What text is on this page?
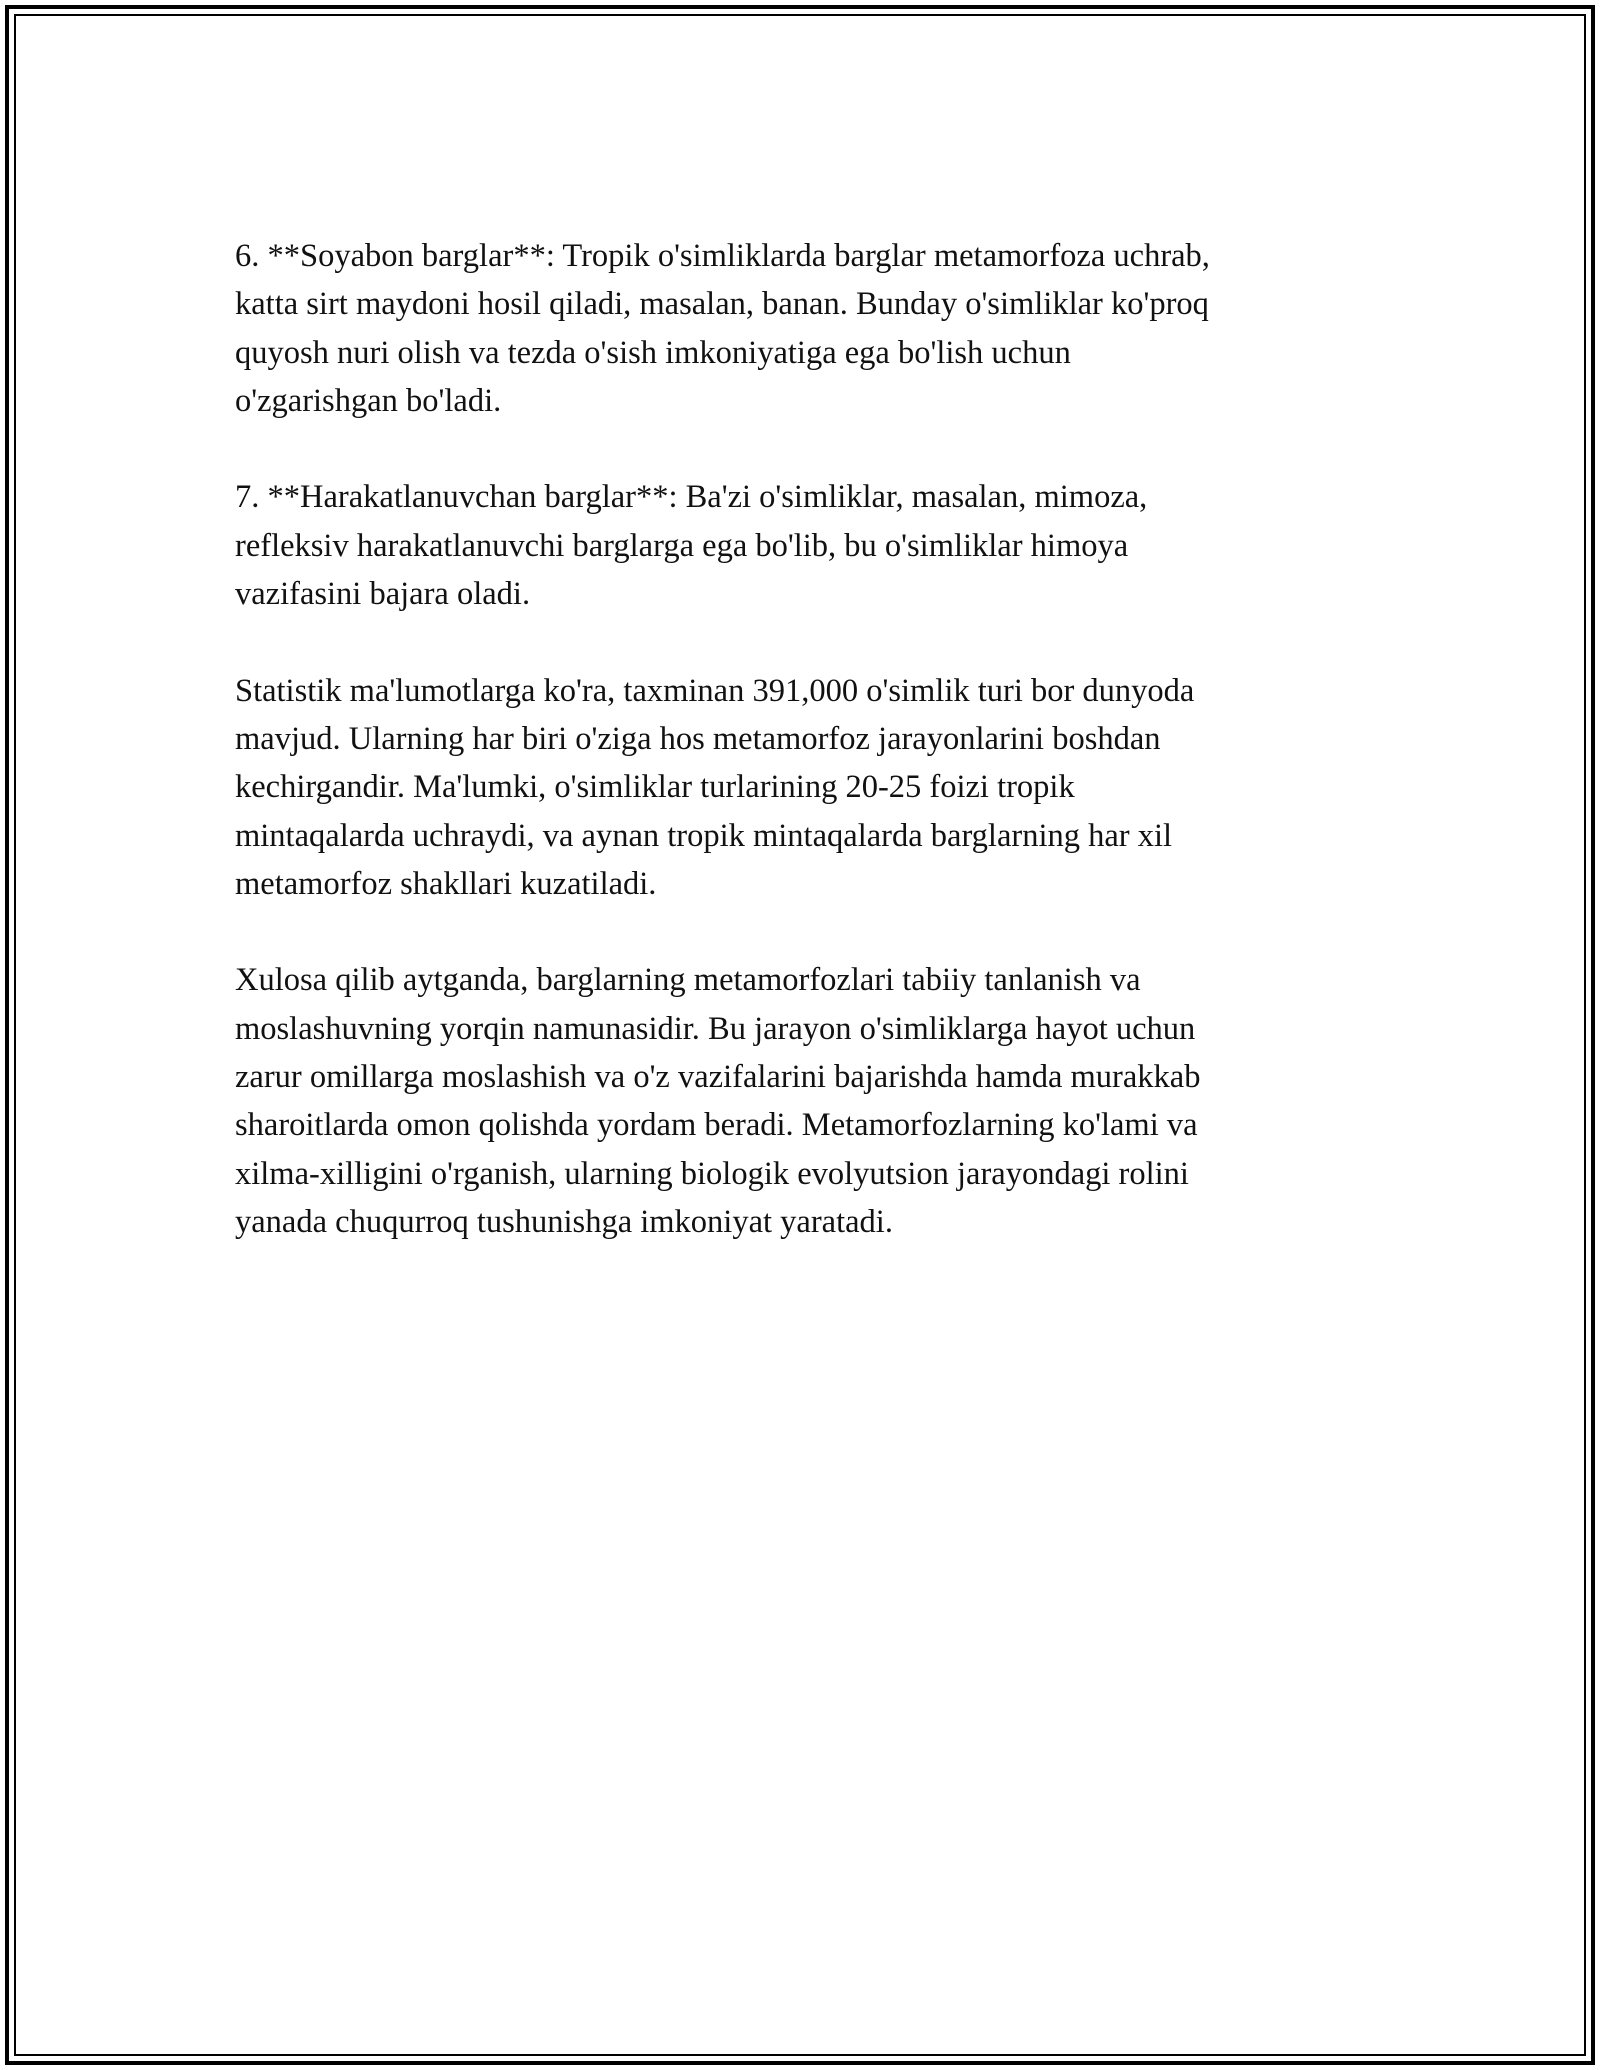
6. **Soyabon barglar**: Tropik o'simliklarda barglar metamorfoza uchrab,
katta sirt maydoni hosil qiladi, masalan, banan. Bunday o'simliklar ko'proq
quyosh nuri olish va tezda o'sish imkoniyatiga ega bo'lish uchun
o'zgarishgan bo'ladi.

7. **Harakatlanuvchan barglar**: Ba'zi o'simliklar, masalan, mimoza,
refleksiv harakatlanuvchi barglarga ega bo'lib, bu o'simliklar himoya
vazifasini bajara oladi.

Statistik ma'lumotlarga ko'ra, taxminan 391,000 o'simlik turi bor dunyoda
mavjud. Ularning har biri o'ziga hos metamorfoz jarayonlarini boshdan
kechirgandir. Ma'lumki, o'simliklar turlarining 20-25 foizi tropik
mintaqalarda uchraydi, va aynan tropik mintaqalarda barglarning har xil
metamorfoz shakllari kuzatiladi.

Xulosa qilib aytganda, barglarning metamorfozlari tabiiy tanlanish va
moslashuvning yorqin namunasidir. Bu jarayon o'simliklarga hayot uchun
zarur omillarga moslashish va o'z vazifalarini bajarishda hamda murakkab
sharoitlarda omon qolishda yordam beradi. Metamorfozlarning ko'lami va
xilma-xilligini o'rganish, ularning biologik evolyutsion jarayondagi rolini
yanada chuqurroq tushunishga imkoniyat yaratadi.
